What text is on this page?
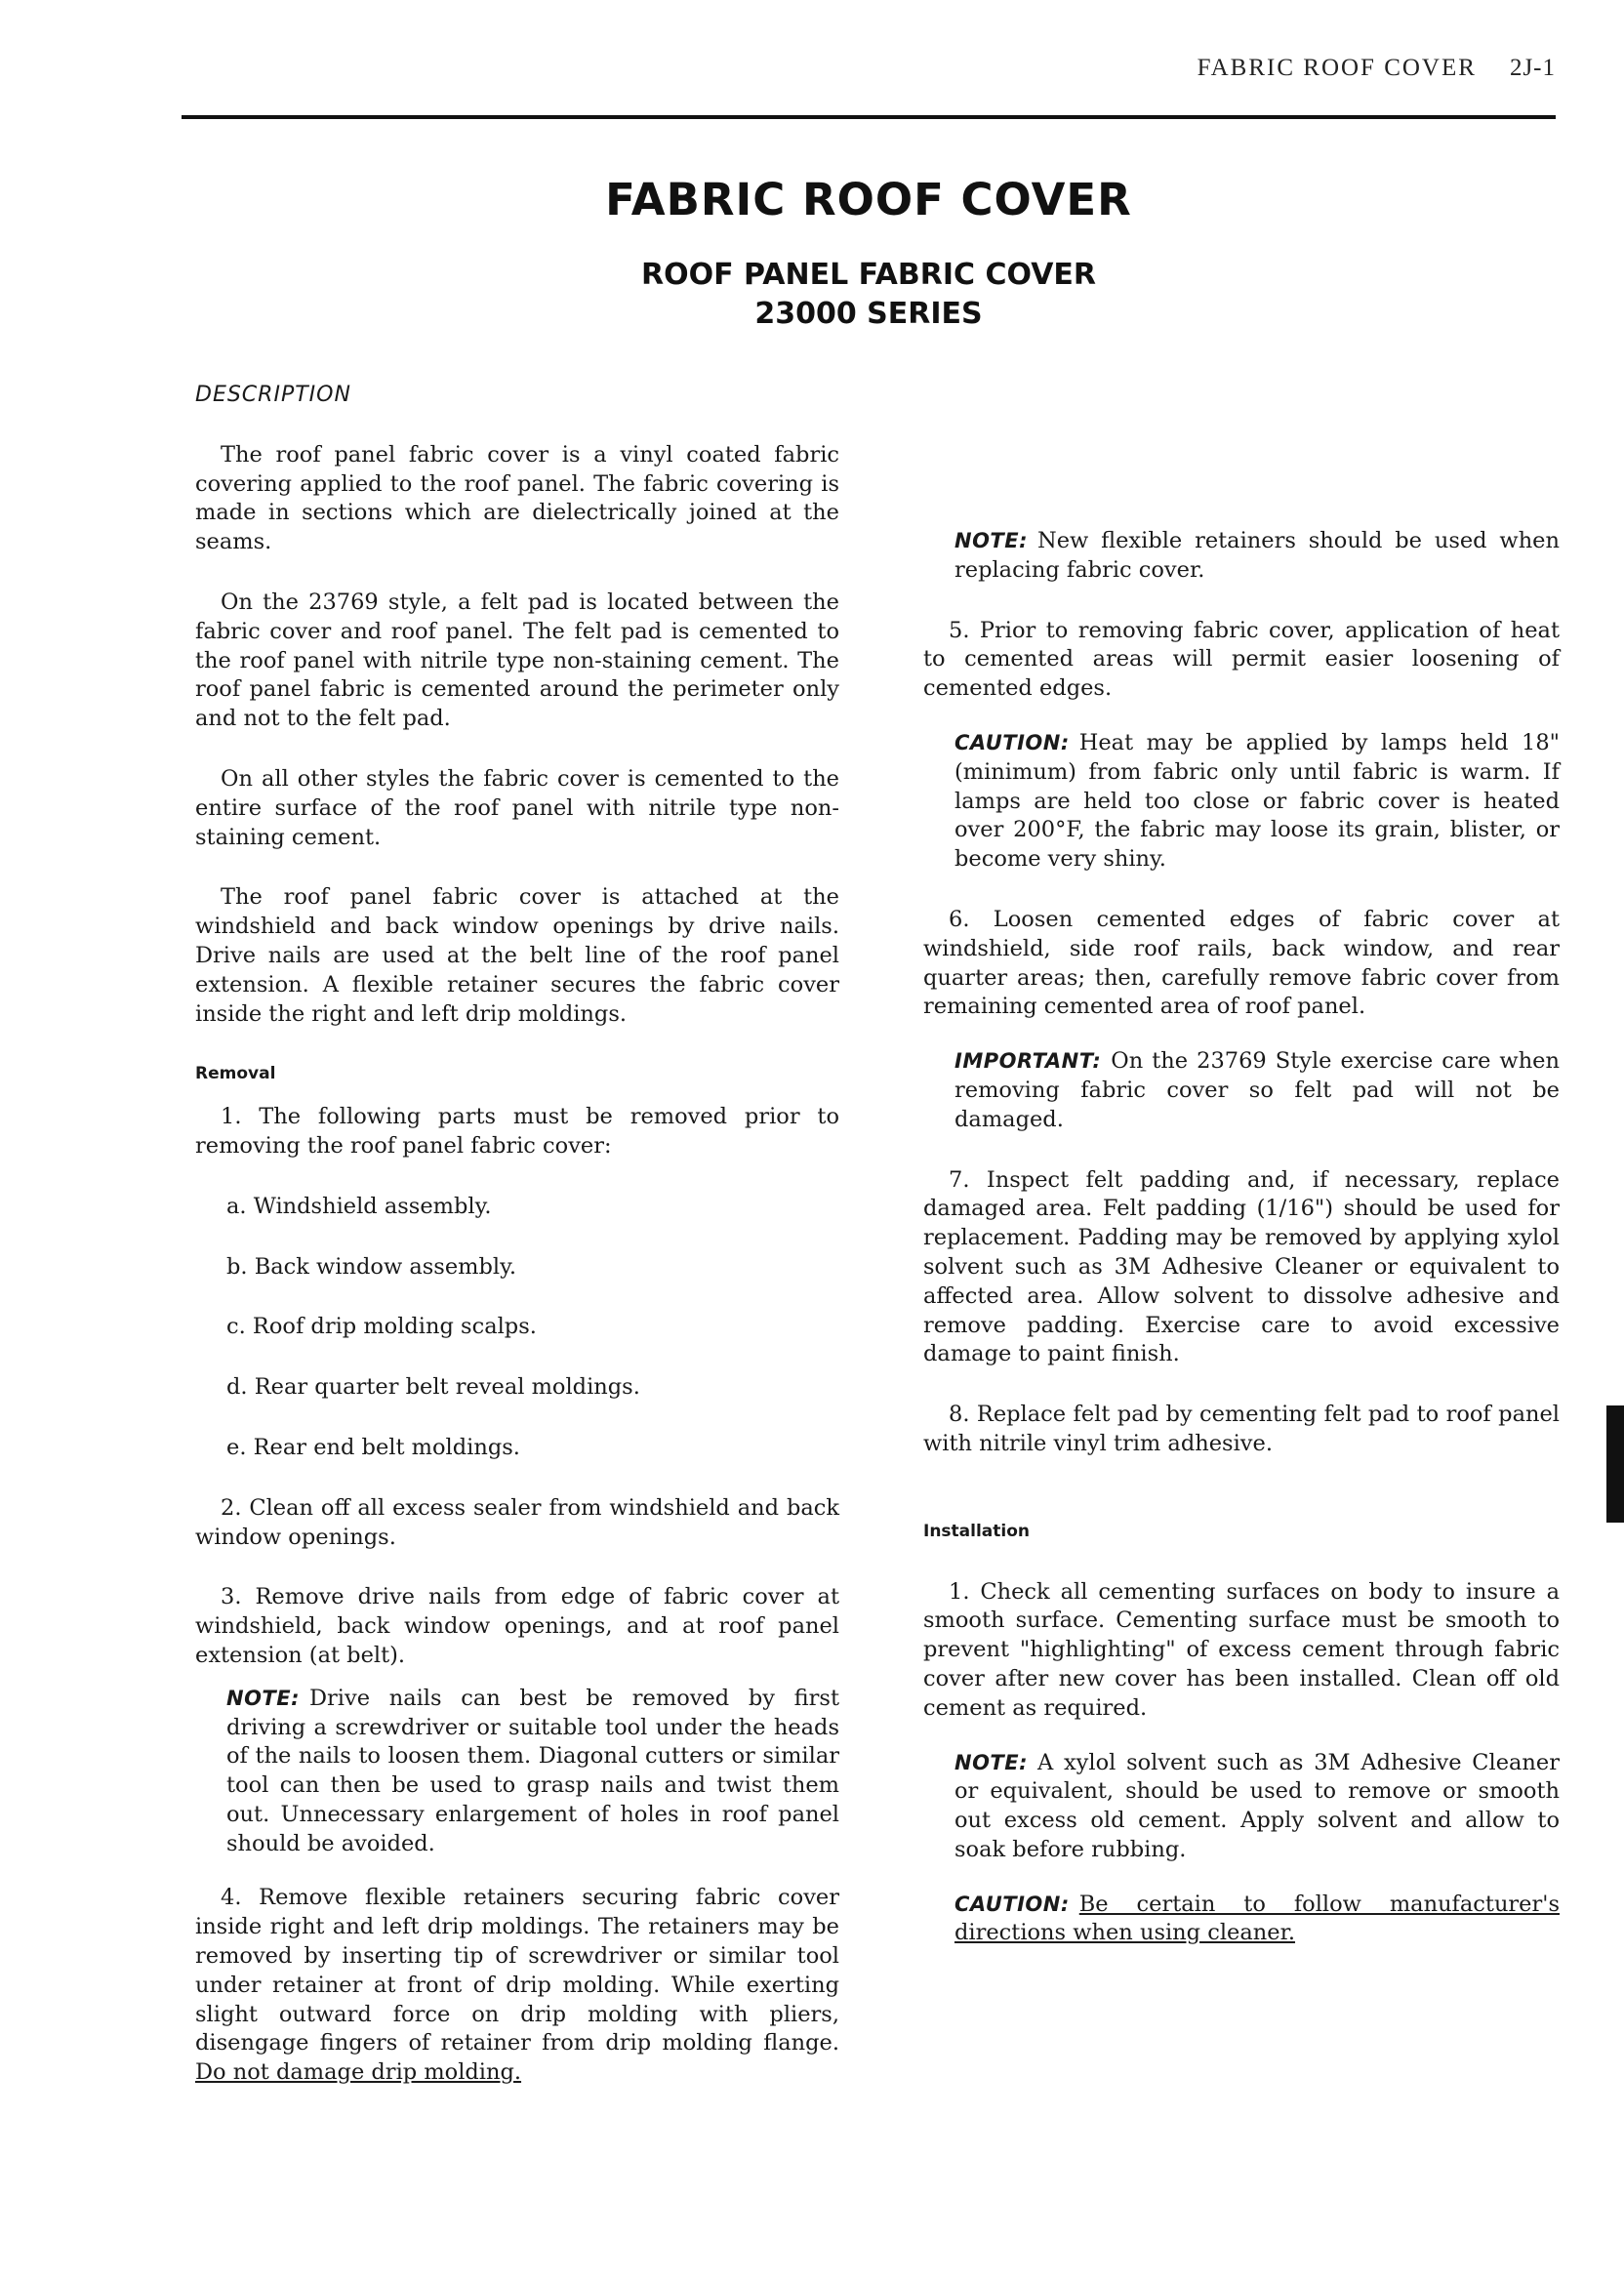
FABRIC ROOF COVER 2J-1
FABRIC ROOF COVER
ROOF PANEL FABRIC COVER
23000 SERIES

DESCRIPTION

The roof panel fabric cover is a vinyl coated fabric covering applied to the roof panel. The fabric covering is made in sections which are dielectrically joined at the seams.

On the 23769 style, a felt pad is located between the fabric cover and roof panel. The felt pad is cemented to the roof panel with nitrile type non-staining cement. The roof panel fabric is cemented around the perimeter only and not to the felt pad.

On all other styles the fabric cover is cemented to the entire surface of the roof panel with nitrile type non-staining cement.

The roof panel fabric cover is attached at the windshield and back window openings by drive nails. Drive nails are used at the belt line of the roof panel extension. A flexible retainer secures the fabric cover inside the right and left drip moldings.

Removal

1. The following parts must be removed prior to removing the roof panel fabric cover:

a. Windshield assembly.

b. Back window assembly.

c. Roof drip molding scalps.

d. Rear quarter belt reveal moldings.

e. Rear end belt moldings.

2. Clean off all excess sealer from windshield and back window openings.

3. Remove drive nails from edge of fabric cover at windshield, back window openings, and at roof panel extension (at belt).

NOTE: Drive nails can best be removed by first driving a screwdriver or suitable tool under the heads of the nails to loosen them. Diagonal cutters or similar tool can then be used to grasp nails and twist them out. Unnecessary enlargement of holes in roof panel should be avoided.

4. Remove flexible retainers securing fabric cover inside right and left drip moldings. The retainers may be removed by inserting tip of screwdriver or similar tool under retainer at front of drip molding. While exerting slight outward force on drip molding with pliers, disengage fingers of retainer from drip molding flange. Do not damage drip molding.

NOTE: New flexible retainers should be used when replacing fabric cover.

5. Prior to removing fabric cover, application of heat to cemented areas will permit easier loosening of cemented edges.

CAUTION: Heat may be applied by lamps held 18" (minimum) from fabric only until fabric is warm. If lamps are held too close or fabric cover is heated over 200°F, the fabric may loose its grain, blister, or become very shiny.

6. Loosen cemented edges of fabric cover at windshield, side roof rails, back window, and rear quarter areas; then, carefully remove fabric cover from remaining cemented area of roof panel.

IMPORTANT: On the 23769 Style exercise care when removing fabric cover so felt pad will not be damaged.

7. Inspect felt padding and, if necessary, replace damaged area. Felt padding (1/16") should be used for replacement. Padding may be removed by applying xylol solvent such as 3M Adhesive Cleaner or equivalent to affected area. Allow solvent to dissolve adhesive and remove padding. Exercise care to avoid excessive damage to paint finish.

8. Replace felt pad by cementing felt pad to roof panel with nitrile vinyl trim adhesive.

Installation

1. Check all cementing surfaces on body to insure a smooth surface. Cementing surface must be smooth to prevent "highlighting" of excess cement through fabric cover after new cover has been installed. Clean off old cement as required.

NOTE: A xylol solvent such as 3M Adhesive Cleaner or equivalent, should be used to remove or smooth out excess old cement. Apply solvent and allow to soak before rubbing.

CAUTION: Be certain to follow manufacturer's directions when using cleaner.
